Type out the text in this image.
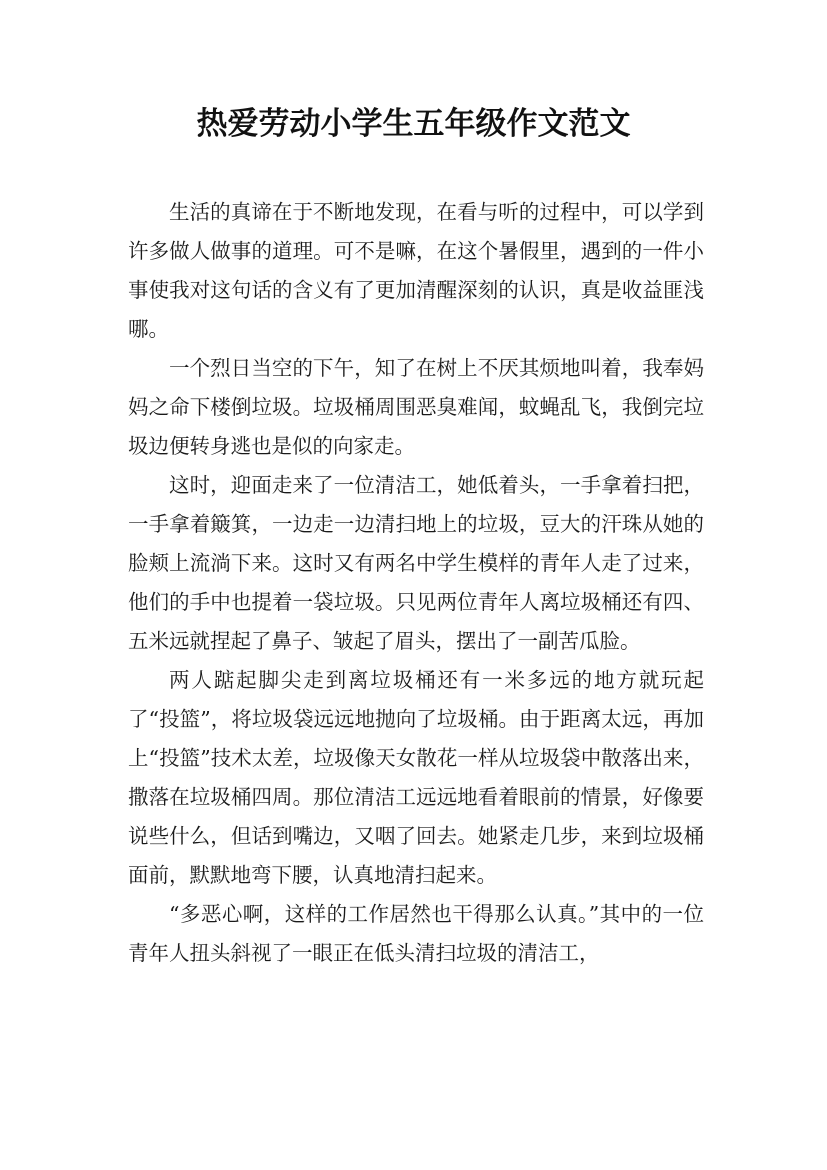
热爱劳动小学生五年级作文范文

生活的真谛在于不断地发现，在看与听的过程中，可以学到许多做人做事的道理。可不是嘛，在这个暑假里，遇到的一件小事使我对这句话的含义有了更加清醒深刻的认识，真是收益匪浅哪。

一个烈日当空的下午，知了在树上不厌其烦地叫着，我奉妈妈之命下楼倒垃圾。垃圾桶周围恶臭难闻，蚊蝇乱飞，我倒完垃圾边便转身逃也是似的向家走。

这时，迎面走来了一位清洁工，她低着头，一手拿着扫把，一手拿着簸箕，一边走一边清扫地上的垃圾，豆大的汗珠从她的脸颊上流淌下来。这时又有两名中学生模样的青年人走了过来，他们的手中也提着一袋垃圾。只见两位青年人离垃圾桶还有四、五米远就捏起了鼻子、皱起了眉头，摆出了一副苦瓜脸。

两人踮起脚尖走到离垃圾桶还有一米多远的地方就玩起了“投篮”，将垃圾袋远远地抛向了垃圾桶。由于距离太远，再加上“投篮”技术太差，垃圾像天女散花一样从垃圾袋中散落出来，撒落在垃圾桶四周。那位清洁工远远地看着眼前的情景，好像要说些什么，但话到嘴边，又咽了回去。她紧走几步，来到垃圾桶面前，默默地弯下腰，认真地清扫起来。

“多恶心啊，这样的工作居然也干得那么认真。”其中的一位青年人扭头斜视了一眼正在低头清扫垃圾的清洁工，
